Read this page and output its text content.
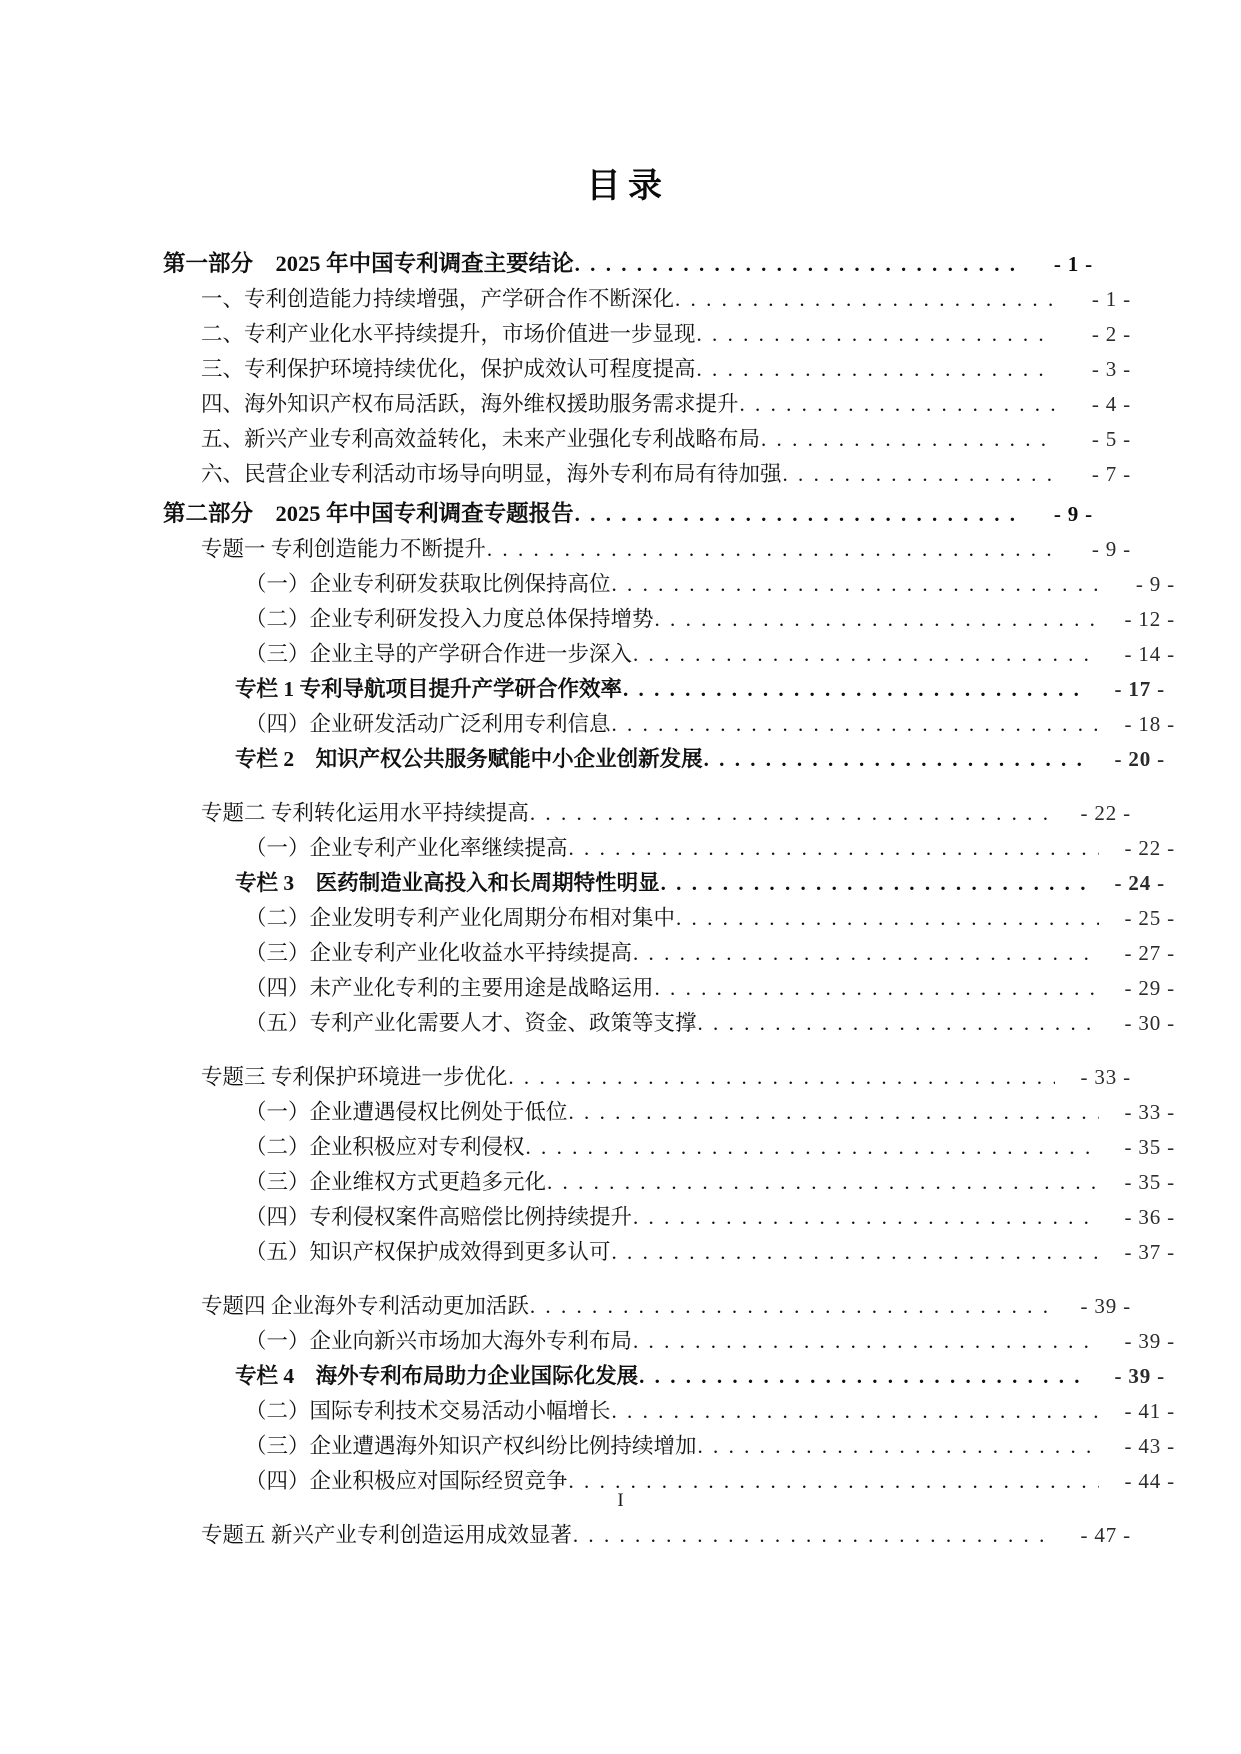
目录
第一部分　2025 年中国专利调查主要结论 . . .	- 1 -
一、专利创造能力持续增强，产学研合作不断深化 . . .	- 1 -
二、专利产业化水平持续提升，市场价值进一步显现 . . .	- 2 -
三、专利保护环境持续优化，保护成效认可程度提高 . . .	- 3 -
四、海外知识产权布局活跃，海外维权援助服务需求提升 . . .	- 4 -
五、新兴产业专利高效益转化，未来产业强化专利战略布局 . . .	- 5 -
六、民营企业专利活动市场导向明显，海外专利布局有待加强 . . .	- 7 -
第二部分　2025 年中国专利调查专题报告 . . .	- 9 -
专题一 专利创造能力不断提升 . . .	- 9 -
（一）企业专利研发获取比例保持高位 . . .	- 9 -
（二）企业专利研发投入力度总体保持增势 . . .	- 12 -
（三）企业主导的产学研合作进一步深入 . . .	- 14 -
专栏 1 专利导航项目提升产学研合作效率 . . .	- 17 -
（四）企业研发活动广泛利用专利信息 . . .	- 18 -
专栏 2　知识产权公共服务赋能中小企业创新发展 . . .	- 20 -
专题二 专利转化运用水平持续提高 . . .	- 22 -
（一）企业专利产业化率继续提高 . . .	- 22 -
专栏 3　医药制造业高投入和长周期特性明显 . . .	- 24 -
（二）企业发明专利产业化周期分布相对集中 . . .	- 25 -
（三）企业专利产业化收益水平持续提高 . . .	- 27 -
（四）未产业化专利的主要用途是战略运用 . . .	- 29 -
（五）专利产业化需要人才、资金、政策等支撑 . . .	- 30 -
专题三 专利保护环境进一步优化 . . .	- 33 -
（一）企业遭遇侵权比例处于低位 . . .	- 33 -
（二）企业积极应对专利侵权 . . .	- 35 -
（三）企业维权方式更趋多元化 . . .	- 35 -
（四）专利侵权案件高赔偿比例持续提升 . . .	- 36 -
（五）知识产权保护成效得到更多认可 . . .	- 37 -
专题四 企业海外专利活动更加活跃 . . .	- 39 -
（一）企业向新兴市场加大海外专利布局 . . .	- 39 -
专栏 4　海外专利布局助力企业国际化发展 . . .	- 39 -
（二）国际专利技术交易活动小幅增长 . . .	- 41 -
（三）企业遭遇海外知识产权纠纷比例持续增加 . . .	- 43 -
（四）企业积极应对国际经贸竞争 . . .	- 44 -
专题五 新兴产业专利创造运用成效显著 . . .	- 47 -
I
